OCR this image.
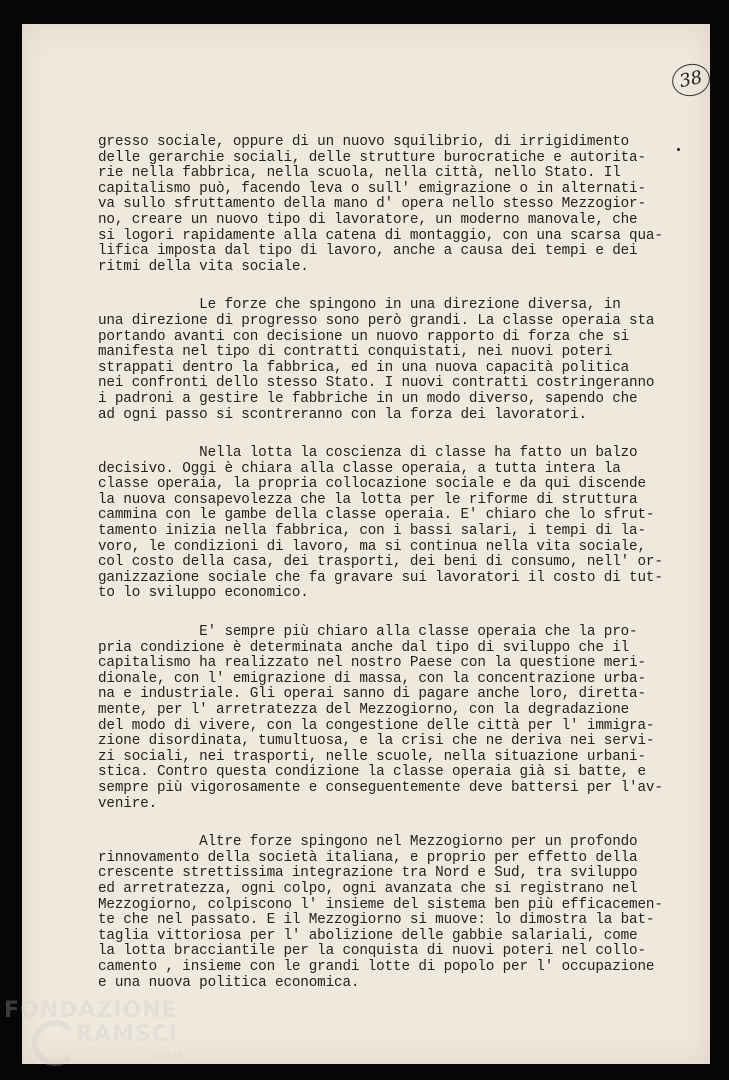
38
gresso sociale, oppure di un nuovo squilibrio, di irrigidimento
delle gerarchie sociali, delle strutture burocratiche e autorita-
rie nella fabbrica, nella scuola, nella città, nello Stato. Il
capitalismo può, facendo leva o sull' emigrazione o in alternati-
va sullo sfruttamento della mano d' opera nello stesso Mezzogior-
no, creare un nuovo tipo di lavoratore, un moderno manovale, che
si logori rapidamente alla catena di montaggio, con una scarsa qua-
lifica imposta dal tipo di lavoro, anche a causa dei tempi e dei
ritmi della vita sociale.
Le forze che spingono in una direzione diversa, in
una direzione di progresso sono però grandi. La classe operaia sta
portando avanti con decisione un nuovo rapporto di forza che si
manifesta nel tipo di contratti conquistati, nei nuovi poteri
strappati dentro la fabbrica, ed in una nuova capacità politica
nei confronti dello stesso Stato. I nuovi contratti costringeranno
i padroni a gestire le fabbriche in un modo diverso, sapendo che
ad ogni passo si scontreranno con la forza dei lavoratori.
Nella lotta la coscienza di classe ha fatto un balzo
decisivo. Oggi è chiara alla classe operaia, a tutta intera la
classe operaia, la propria collocazione sociale e da qui discende
la nuova consapevolezza che la lotta per le riforme di struttura
cammina con le gambe della classe operaia. E' chiaro che lo sfrut-
tamento inizia nella fabbrica, con i bassi salari, i tempi di la-
voro, le condizioni di lavoro, ma si continua nella vita sociale,
col costo della casa, dei trasporti, dei beni di consumo, nell' or-
ganizzazione sociale che fa gravare sui lavoratori il costo di tut-
to lo sviluppo economico.
E' sempre più chiaro alla classe operaia che la pro-
pria condizione è determinata anche dal tipo di sviluppo che il
capitalismo ha realizzato nel nostro Paese con la questione meri-
dionale, con l' emigrazione di massa, con la concentrazione urba-
na e industriale. Gli operai sanno di pagare anche loro, diretta-
mente, per l' arretratezza del Mezzogiorno, con la degradazione
del modo di vivere, con la congestione delle città per l' immigra-
zione disordinata, tumultuosa, e la crisi che ne deriva nei servi-
zi sociali, nei trasporti, nelle scuole, nella situazione urbani-
stica. Contro questa condizione la classe operaia già si batte, e
sempre più vigorosamente e conseguentemente deve battersi per l'av-
venire.
Altre forze spingono nel Mezzogiorno per un profondo
rinnovamento della società italiana, e proprio per effetto della
crescente strettissima integrazione tra Nord e Sud, tra sviluppo
ed arretratezza, ogni colpo, ogni avanzata che si registrano nel
Mezzogiorno, colpiscono l' insieme del sistema ben più efficacemen-
te che nel passato. E il Mezzogiorno si muove: lo dimostra la bat-
taglia vittoriosa per l' abolizione delle gabbie salariali, come
la lotta bracciantile per la conquista di nuovi poteri nel collo-
camento , insieme con le grandi lotte di popolo per l' occupazione
e una nuova politica economica.
FONDAZIONE
RAMSCI
onlus
